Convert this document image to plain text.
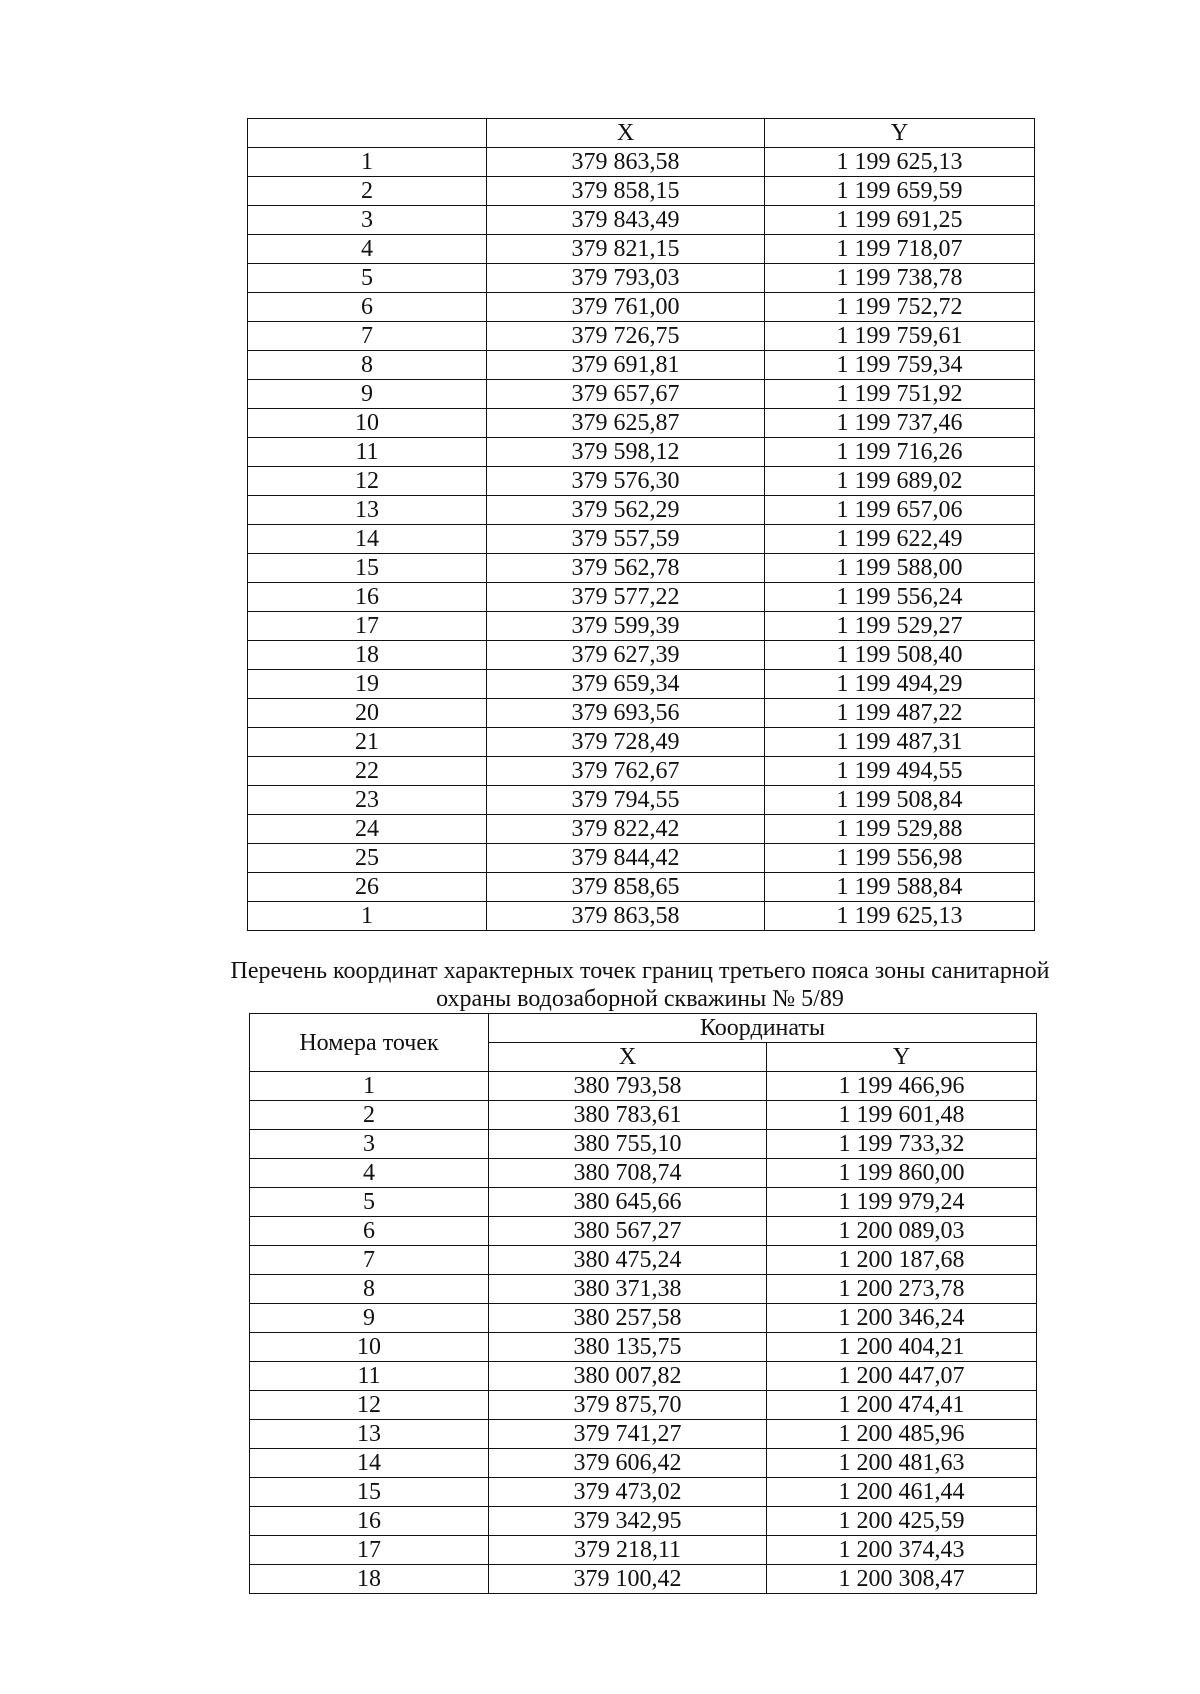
	X	Y
1	379 863,58	1 199 625,13
2	379 858,15	1 199 659,59
3	379 843,49	1 199 691,25
4	379 821,15	1 199 718,07
5	379 793,03	1 199 738,78
6	379 761,00	1 199 752,72
7	379 726,75	1 199 759,61
8	379 691,81	1 199 759,34
9	379 657,67	1 199 751,92
10	379 625,87	1 199 737,46
11	379 598,12	1 199 716,26
12	379 576,30	1 199 689,02
13	379 562,29	1 199 657,06
14	379 557,59	1 199 622,49
15	379 562,78	1 199 588,00
16	379 577,22	1 199 556,24
17	379 599,39	1 199 529,27
18	379 627,39	1 199 508,40
19	379 659,34	1 199 494,29
20	379 693,56	1 199 487,22
21	379 728,49	1 199 487,31
22	379 762,67	1 199 494,55
23	379 794,55	1 199 508,84
24	379 822,42	1 199 529,88
25	379 844,42	1 199 556,98
26	379 858,65	1 199 588,84
1	379 863,58	1 199 625,13
Перечень координат характерных точек границ третьего пояса зоны санитарной
охраны водозаборной скважины № 5/89
Номера точек	Координаты	
	X	Y
1	380 793,58	1 199 466,96
2	380 783,61	1 199 601,48
3	380 755,10	1 199 733,32
4	380 708,74	1 199 860,00
5	380 645,66	1 199 979,24
6	380 567,27	1 200 089,03
7	380 475,24	1 200 187,68
8	380 371,38	1 200 273,78
9	380 257,58	1 200 346,24
10	380 135,75	1 200 404,21
11	380 007,82	1 200 447,07
12	379 875,70	1 200 474,41
13	379 741,27	1 200 485,96
14	379 606,42	1 200 481,63
15	379 473,02	1 200 461,44
16	379 342,95	1 200 425,59
17	379 218,11	1 200 374,43
18	379 100,42	1 200 308,47
